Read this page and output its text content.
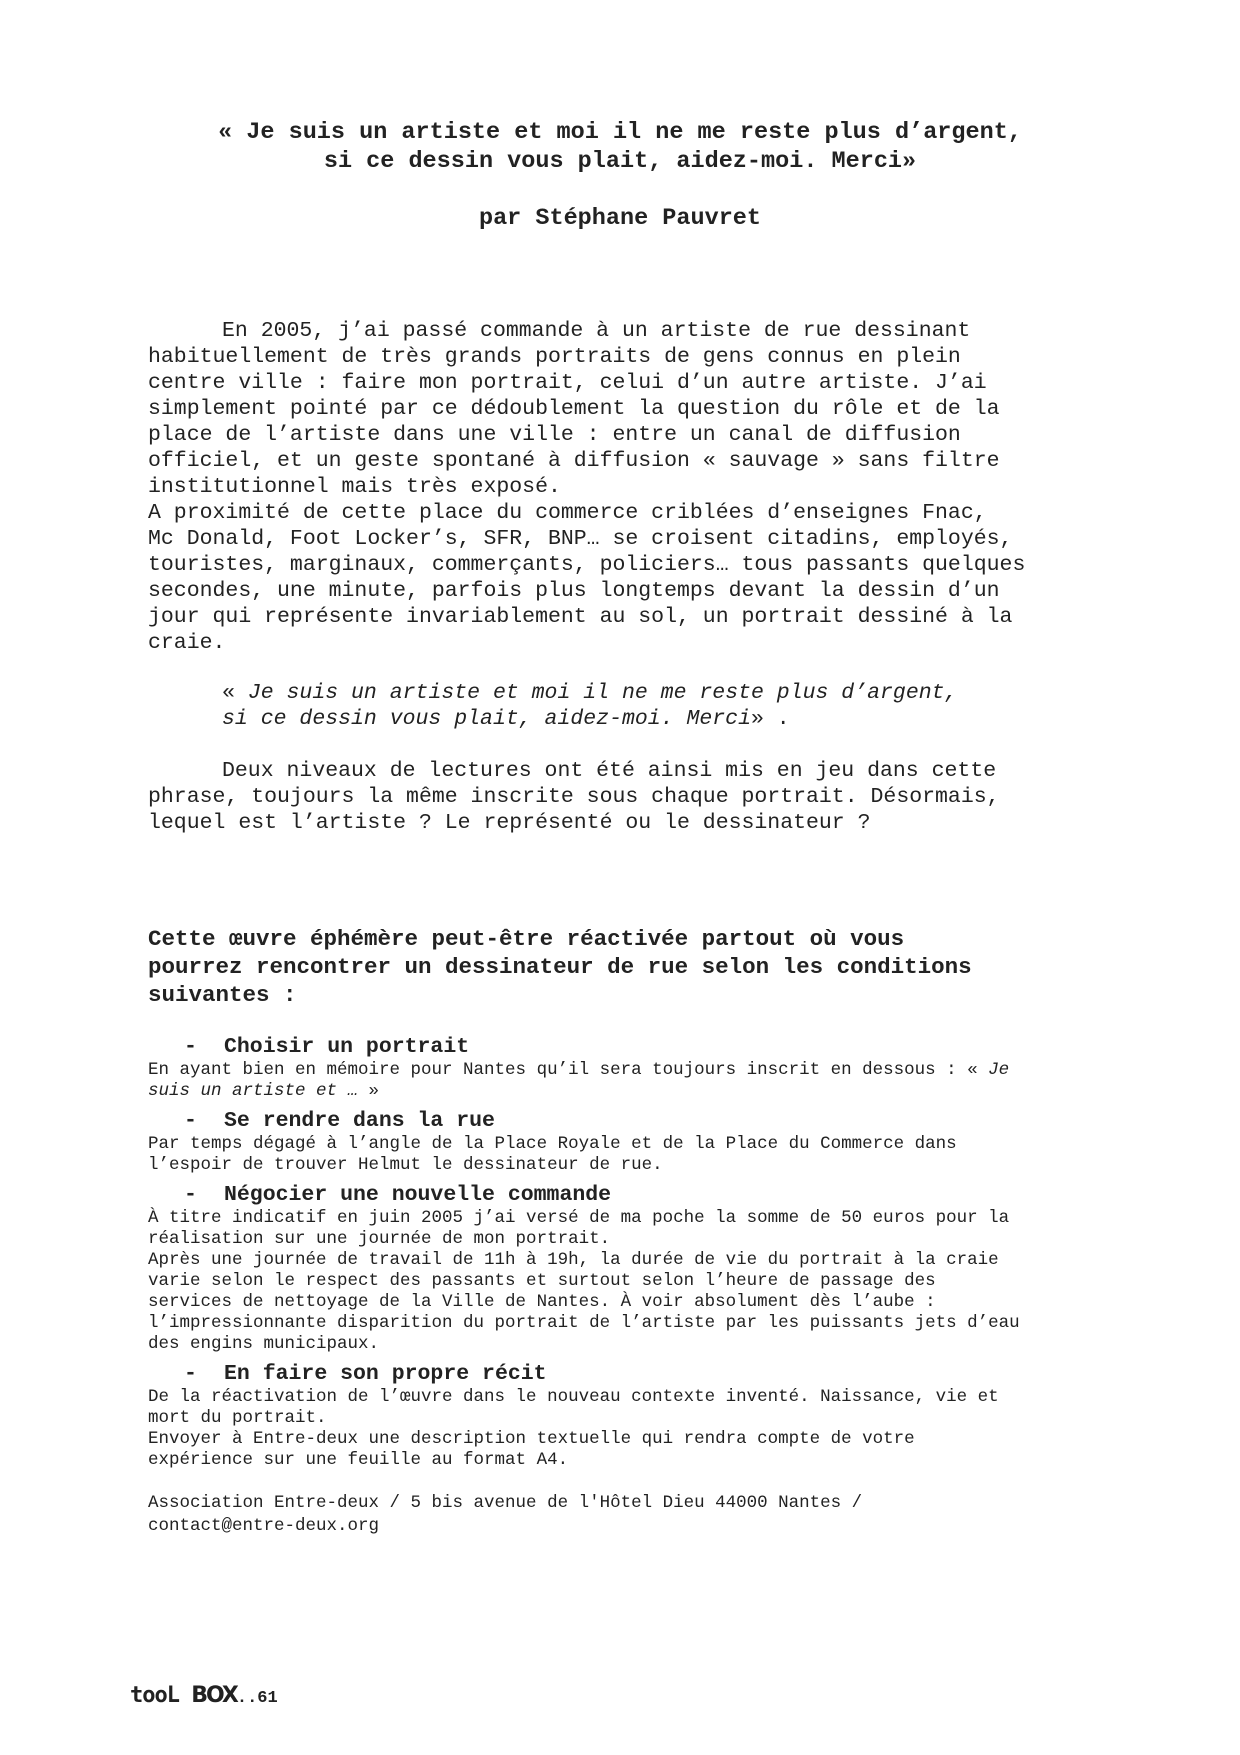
« Je suis un artiste et moi il ne me reste plus d’argent,
si ce dessin vous plait, aidez-moi. Merci»
par Stéphane Pauvret
En 2005, j’ai passé commande à un artiste de rue dessinant
habituellement de très grands portraits de gens connus en plein
centre ville : faire mon portrait, celui d’un autre artiste. J’ai
simplement pointé par ce dédoublement la question du rôle et de la
place de l’artiste dans une ville : entre un canal de diffusion
officiel, et un geste spontané à diffusion « sauvage » sans filtre
institutionnel mais très exposé.
A proximité de cette place du commerce criblées d’enseignes Fnac,
Mc Donald, Foot Locker’s, SFR, BNP… se croisent citadins, employés,
touristes, marginaux, commerçants, policiers… tous passants quelques
secondes, une minute, parfois plus longtemps devant la dessin d’un
jour qui représente invariablement au sol, un portrait dessiné à la
craie.
« Je suis un artiste et moi il ne me reste plus d’argent,
si ce dessin vous plait, aidez-moi. Merci» .
Deux niveaux de lectures ont été ainsi mis en jeu dans cette
phrase, toujours la même inscrite sous chaque portrait. Désormais,
lequel est l’artiste ? Le représenté ou le dessinateur ?
Cette œuvre éphémère peut-être réactivée partout où vous
pourrez rencontrer un dessinateur de rue selon les conditions
suivantes :
- Choisir un portrait
En ayant bien en mémoire pour Nantes qu’il sera toujours inscrit en dessous : « Je
suis un artiste et … »
- Se rendre dans la rue
Par temps dégagé à l’angle de la Place Royale et de la Place du Commerce dans
l’espoir de trouver Helmut le dessinateur de rue.
- Négocier une nouvelle commande
À titre indicatif en juin 2005 j’ai versé de ma poche la somme de 50 euros pour la
réalisation sur une journée de mon portrait.
Après une journée de travail de 11h à 19h, la durée de vie du portrait à la craie
varie selon le respect des passants et surtout selon l’heure de passage des
services de nettoyage de la Ville de Nantes. À voir absolument dès l’aube :
l’impressionnante disparition du portrait de l’artiste par les puissants jets d’eau
des engins municipaux.
- En faire son propre récit
De la réactivation de l’œuvre dans le nouveau contexte inventé. Naissance, vie et
mort du portrait.
Envoyer à Entre-deux une description textuelle qui rendra compte de votre
expérience sur une feuille au format A4.
Association Entre-deux / 5 bis avenue de l'Hôtel Dieu 44000 Nantes /
contact@entre-deux.org
tooL BOX..61
